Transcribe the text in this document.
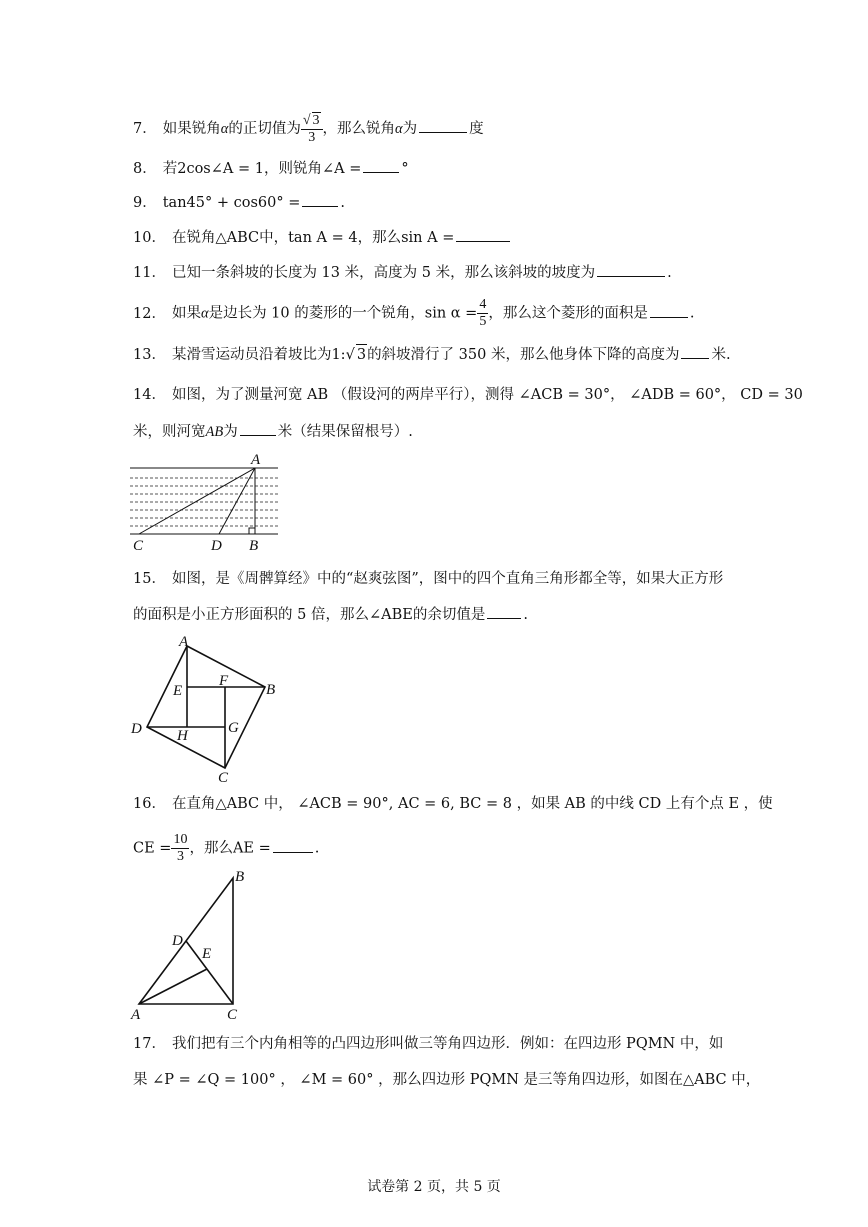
7． 如果锐角α的正切值为 $\frac{√ 3}{3}$ ，那么锐角α为	度
8． 若2cos∠A = 1，则锐角∠A =	°
9． tan45° + cos60° =	.
10． 在锐角△ABC中，tan A = 4，那么sin A =
11． 已知一条斜坡的长度为 13 米，高度为 5 米，那么该斜坡的坡度为	.
12． 如果α是边长为 10 的菱形的一个锐角，$\sin \alpha = \frac{4}{5}$ ，那么这个菱形的面积是	.
13． 某滑雪运动员沿着坡比为1:√ 3的斜坡滑行了 350 米，那么他身体下降的高度为 米.
14． 如图，为了测量河宽 AB （假设河的两岸平行），测得 ∠ACB = 30°， ∠ADB = 60°， CD = 30
米，则河宽AB为	米（结果保留根号）.
A
C	D B
15． 如图，是《周髀算经》中的“赵爽弦图”，图中的四个直角三角形都全等，如果大正方形
的面积是小正方形面积的 5 倍，那么∠ABE的余切值是	.
A
B
C
D
E
F
G
H
16． 在直角△ABC 中， ∠ACB = 90°, AC = 6, BC = 8 ，如果 AB 的中线 CD 上有个点 E ，使
CE = $\frac{10}{3}$ ，那么AE =	.
A
B
C
D
E
17． 我们把有三个内角相等的凸四边形叫做三等角四边形．例如：在四边形 PQMN 中，如
果 ∠P = ∠Q = 100° ， ∠M = 60° ，那么四边形 PQMN 是三等角四边形，如图在△ABC 中，
试卷第 2 页，共 5 页
